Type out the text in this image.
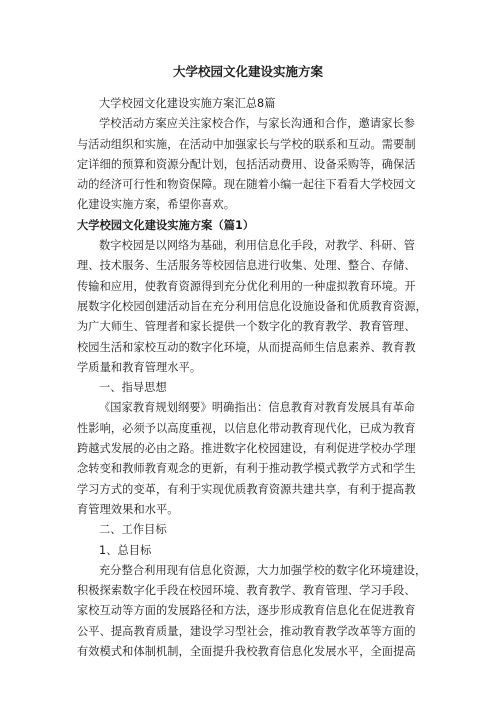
大学校园文化建设实施方案
大学校园文化建设实施方案汇总8篇
学校活动方案应关注家校合作，与家长沟通和合作，邀请家长参
与活动组织和实施，在活动中加强家长与学校的联系和互动。需要制
定详细的预算和资源分配计划，包括活动费用、设备采购等，确保活
动的经济可行性和物资保障。现在随着小编一起往下看看大学校园文
化建设实施方案，希望你喜欢。
大学校园文化建设实施方案（篇1）
数字校园是以网络为基础，利用信息化手段，对教学、科研、管
理、技术服务、生活服务等校园信息进行收集、处理、整合、存储、
传输和应用，使教育资源得到充分优化利用的一种虚拟教育环境。开
展数字化校园创建活动旨在充分利用信息化设施设备和优质教育资源，
为广大师生、管理者和家长提供一个数字化的教育教学、教育管理、
校园生活和家校互动的数字化环境，从而提高师生信息素养、教育教
学质量和教育管理水平。
一、指导思想
《国家教育规划纲要》明确指出：信息教育对教育发展具有革命
性影响，必须予以高度重视，以信息化带动教育现代化，已成为教育
跨越式发展的必由之路。推进数字化校园建设，有利促进学校办学理
念转变和教师教育观念的更新，有利于推动教学模式教学方式和学生
学习方式的变革，有利于实现优质教育资源共建共享，有利于提高教
育管理效果和水平。
二、工作目标
1、总目标
充分整合利用现有信息化资源，大力加强学校的数字化环境建设，
积极探索数字化手段在校园环境、教育教学、教育管理、学习手段、
家校互动等方面的发展路径和方法，逐步形成教育信息化在促进教育
公平、提高教育质量，建设学习型社会，推动教育教学改革等方面的
有效模式和体制机制，全面提升我校教育信息化发展水平，全面提高
